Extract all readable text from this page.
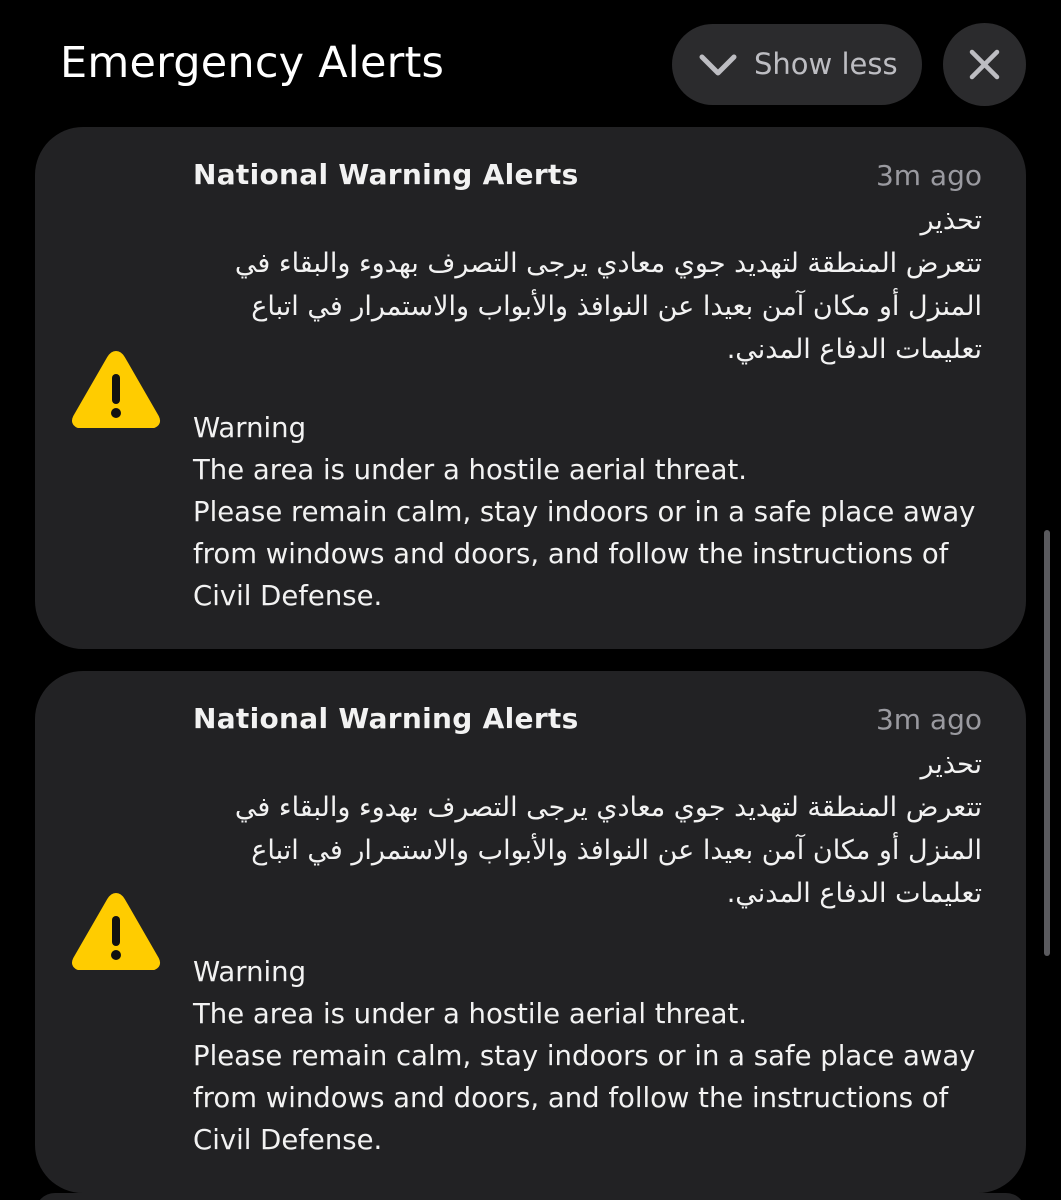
Emergency Alerts	Show less
National Warning Alerts	3m ago
تحذير
تتعرض المنطقة لتهديد جوي معادي يرجى التصرف بهدوء والبقاء في
المنزل أو مكان آمن بعيدا عن النوافذ والأبواب والاستمرار في اتباع
تعليمات الدفاع المدني.
Warning
The area is under a hostile aerial threat.
Please remain calm, stay indoors or in a safe place away
from windows and doors, and follow the instructions of
Civil Defense.
National Warning Alerts	3m ago
تحذير
تتعرض المنطقة لتهديد جوي معادي يرجى التصرف بهدوء والبقاء في
المنزل أو مكان آمن بعيدا عن النوافذ والأبواب والاستمرار في اتباع
تعليمات الدفاع المدني.
Warning
The area is under a hostile aerial threat.
Please remain calm, stay indoors or in a safe place away
from windows and doors, and follow the instructions of
Civil Defense.
